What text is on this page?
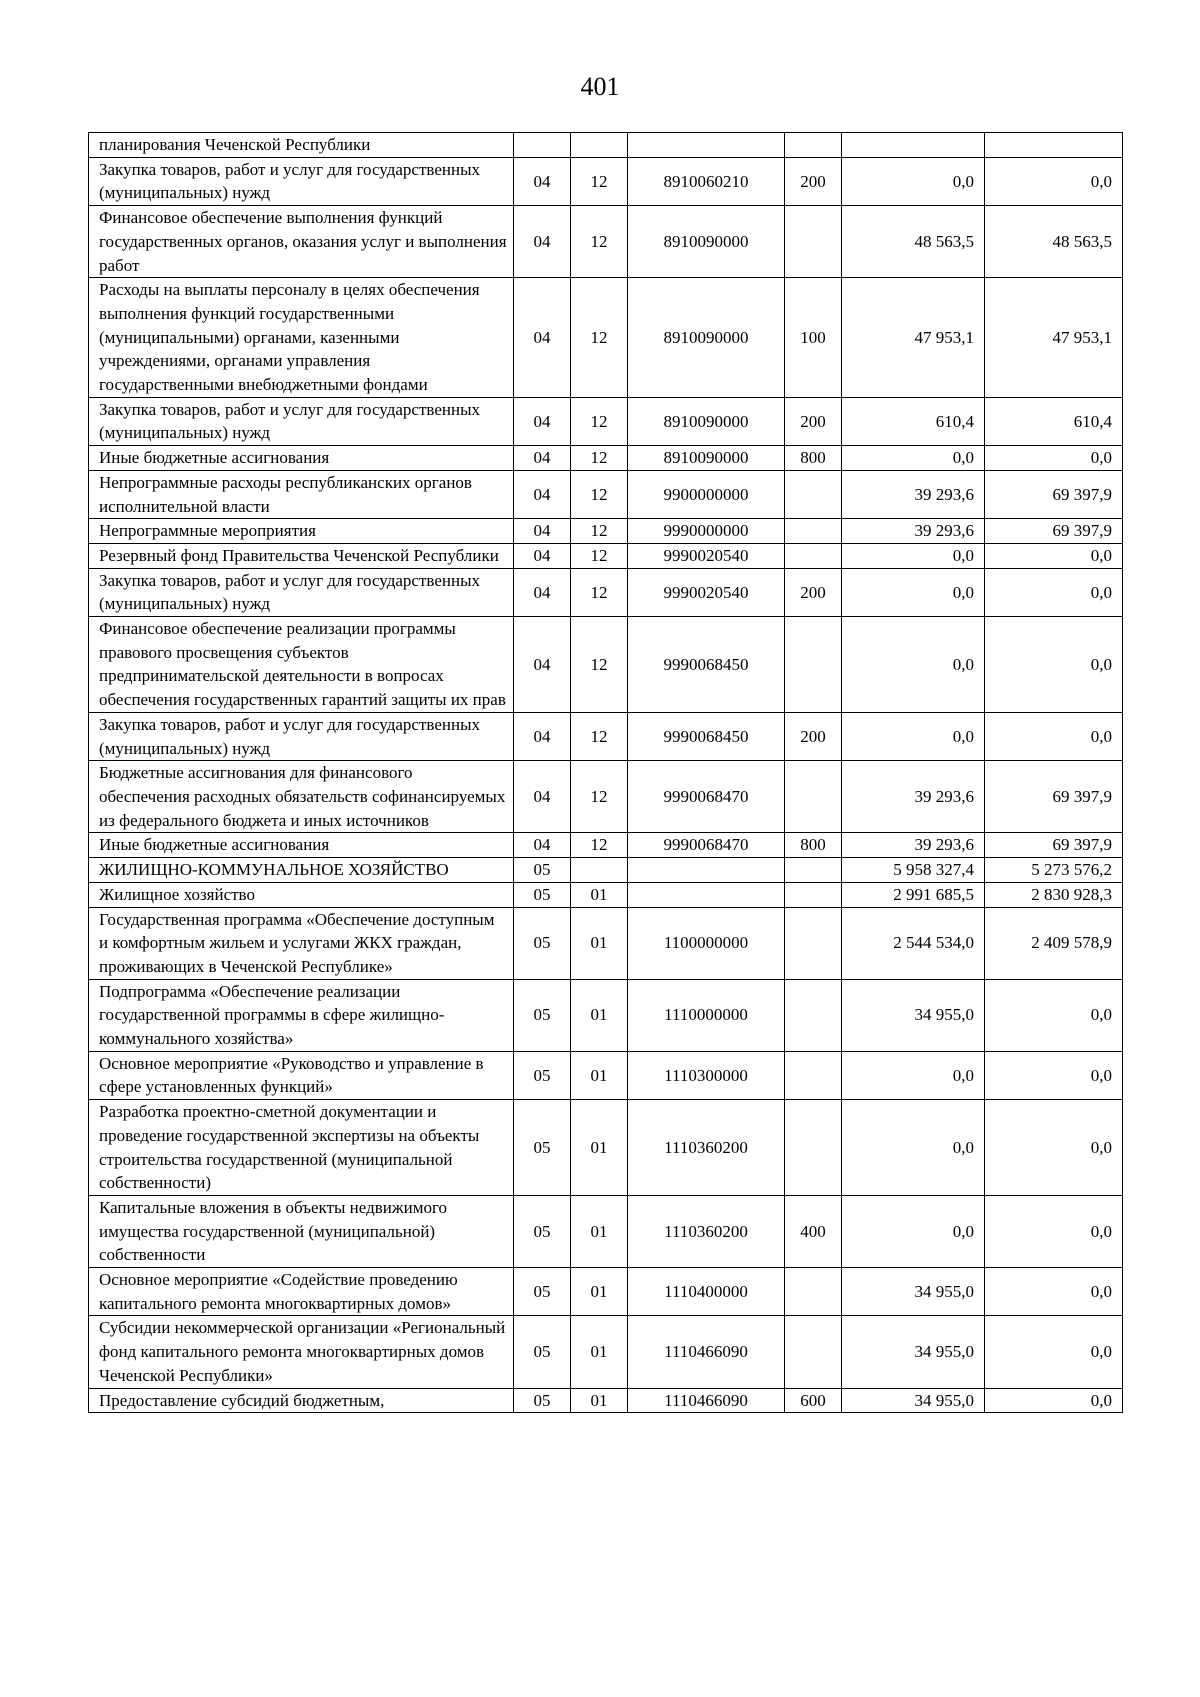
401
планирования Чеченской Республики						
Закупка товаров, работ и услуг для государственных (муниципальных) нужд	04	12	8910060210	200	0,0	0,0
Финансовое обеспечение выполнения функций государственных органов, оказания услуг и выполнения работ	04	12	8910090000		48 563,5	48 563,5
Расходы на выплаты персоналу в целях обеспечения выполнения функций государственными (муниципальными) органами, казенными учреждениями, органами управления государственными внебюджетными фондами	04	12	8910090000	100	47 953,1	47 953,1
Закупка товаров, работ и услуг для государственных (муниципальных) нужд	04	12	8910090000	200	610,4	610,4
Иные бюджетные ассигнования	04	12	8910090000	800	0,0	0,0
Непрограммные расходы республиканских органов исполнительной власти	04	12	9900000000		39 293,6	69 397,9
Непрограммные мероприятия	04	12	9990000000		39 293,6	69 397,9
Резервный фонд Правительства Чеченской Республики	04	12	9990020540		0,0	0,0
Закупка товаров, работ и услуг для государственных (муниципальных) нужд	04	12	9990020540	200	0,0	0,0
Финансовое обеспечение реализации программы правового просвещения субъектов предпринимательской деятельности в вопросах обеспечения государственных гарантий защиты их прав	04	12	9990068450		0,0	0,0
Закупка товаров, работ и услуг для государственных (муниципальных) нужд	04	12	9990068450	200	0,0	0,0
Бюджетные ассигнования для финансового обеспечения расходных обязательств софинансируемых из федерального бюджета и иных источников	04	12	9990068470		39 293,6	69 397,9
Иные бюджетные ассигнования	04	12	9990068470	800	39 293,6	69 397,9
ЖИЛИЩНО-КОММУНАЛЬНОЕ ХОЗЯЙСТВО	05				5 958 327,4	5 273 576,2
Жилищное хозяйство	05	01			2 991 685,5	2 830 928,3
Государственная программа «Обеспечение доступным и комфортным жильем и услугами ЖКХ граждан, проживающих в Чеченской Республике»	05	01	1100000000		2 544 534,0	2 409 578,9
Подпрограмма «Обеспечение реализации государственной программы в сфере жилищно-коммунального хозяйства»	05	01	1110000000		34 955,0	0,0
Основное мероприятие «Руководство и управление в сфере установленных функций»	05	01	1110300000		0,0	0,0
Разработка проектно-сметной документации и проведение государственной экспертизы на объекты строительства государственной (муниципальной собственности)	05	01	1110360200		0,0	0,0
Капитальные вложения в объекты недвижимого имущества государственной (муниципальной) собственности	05	01	1110360200	400	0,0	0,0
Основное мероприятие «Содействие проведению капитального ремонта многоквартирных домов»	05	01	1110400000		34 955,0	0,0
Субсидии некоммерческой организации «Региональный фонд капитального ремонта многоквартирных домов Чеченской Республики»	05	01	1110466090		34 955,0	0,0
Предоставление субсидий бюджетным,	05	01	1110466090	600	34 955,0	0,0
